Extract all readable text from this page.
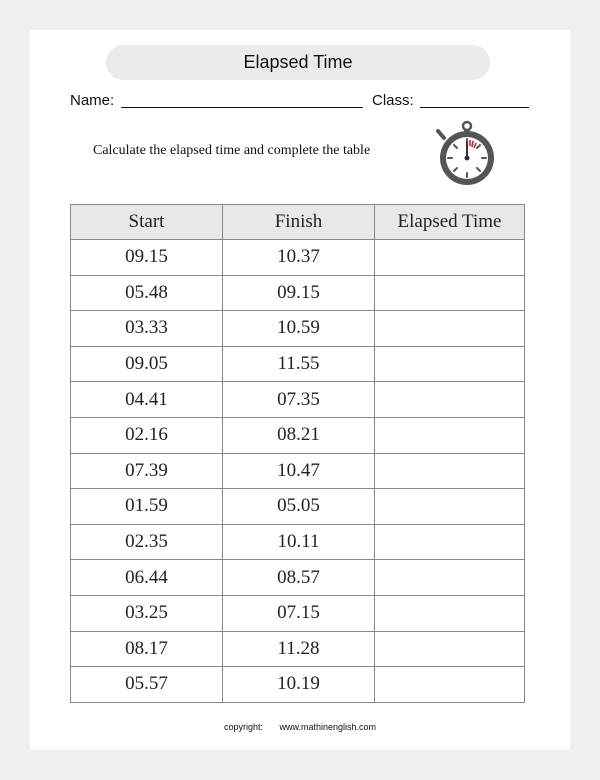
Elapsed Time
Name:	Class:
Calculate the elapsed time and complete the table
Start	Finish	Elapsed Time
09.15	10.37	
05.48	09.15	
03.33	10.59	
09.05	11.55	
04.41	07.35	
02.16	08.21	
07.39	10.47	
01.59	05.05	
02.35	10.11	
06.44	08.57	
03.25	07.15	
08.17	11.28	
05.57	10.19	
copyright: www.mathinenglish.com
